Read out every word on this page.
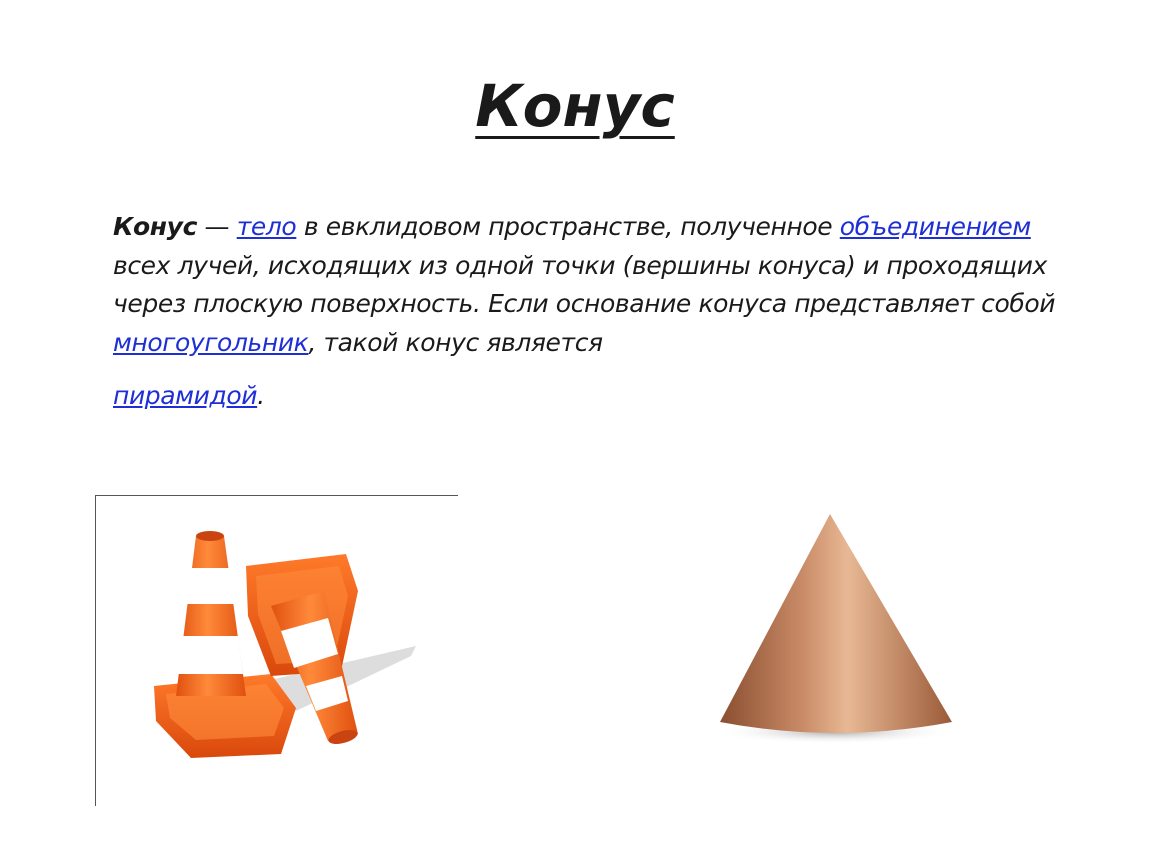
Конус
Конус — тело в евклидовом пространстве, полученное объединением всех лучей, исходящих из одной точки (вершины конуса) и проходящих через плоскую поверхность. Если основание конуса представляет собой многоугольник, такой конус является
пирамидой.
